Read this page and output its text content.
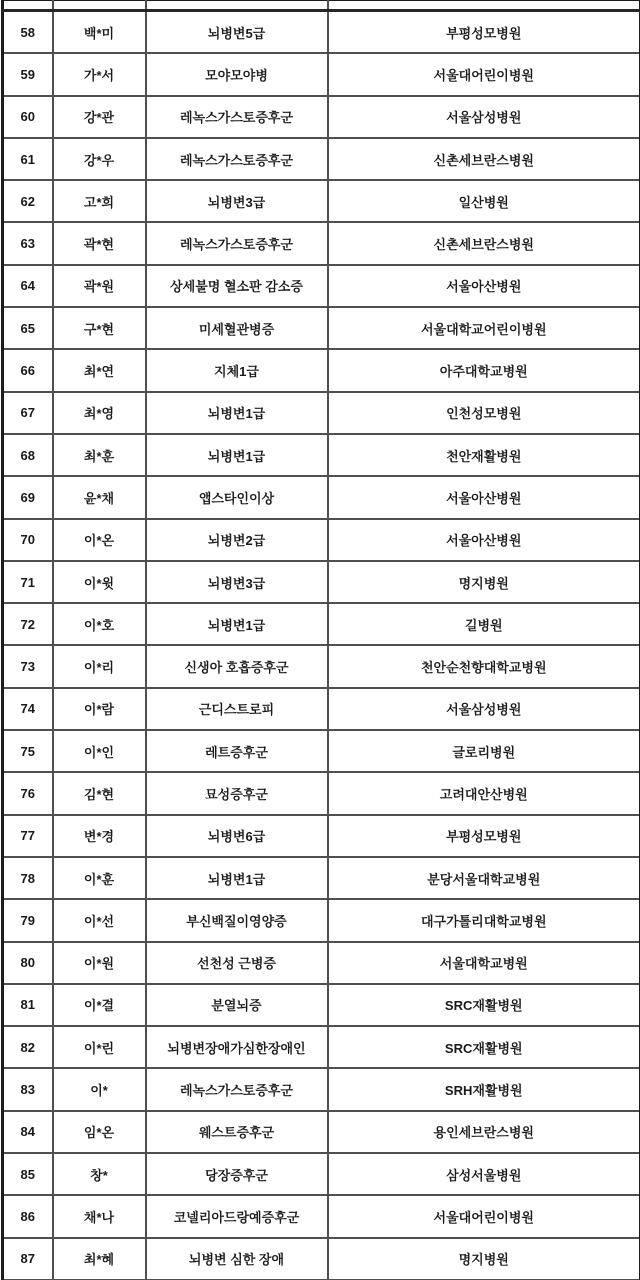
58	백*미	뇌병변5급	부평성모병원
59	가*서	모야모야병	서울대어린이병원
60	강*관	레녹스가스토증후군	서울삼성병원
61	강*우	레녹스가스토증후군	신촌세브란스병원
62	고*희	뇌병변3급	일산병원
63	곽*현	레녹스가스토증후군	신촌세브란스병원
64	곽*원	상세불명 혈소판 감소증	서울아산병원
65	구*현	미세혈관병증	서울대학교어린이병원
66	최*연	지체1급	아주대학교병원
67	최*영	뇌병변1급	인천성모병원
68	최*훈	뇌병변1급	천안재활병원
69	윤*채	앱스타인이상	서울아산병원
70	이*온	뇌병변2급	서울아산병원
71	이*윗	뇌병변3급	명지병원
72	이*호	뇌병변1급	길병원
73	이*리	신생아 호흡증후군	천안순천향대학교병원
74	이*람	근디스트로피	서울삼성병원
75	이*인	레트증후군	글로리병원
76	김*현	묘성증후군	고려대안산병원
77	변*경	뇌병변6급	부평성모병원
78	이*훈	뇌병변1급	분당서울대학교병원
79	이*선	부신백질이영양증	대구가톨리대학교병원
80	이*원	선천성 근병증	서울대학교병원
81	이*결	분열뇌증	SRC재활병원
82	이*린	뇌병변장애가심한장애인	SRC재활병원
83	이*	레녹스가스토증후군	SRH재활병원
84	임*온	웨스트증후군	용인세브란스병원
85	창*	당장증후군	삼성서울병원
86	채*나	코넬리아드랑예증후군	서울대어린이병원
87	최*혜	뇌병변 심한 장애	명지병원
